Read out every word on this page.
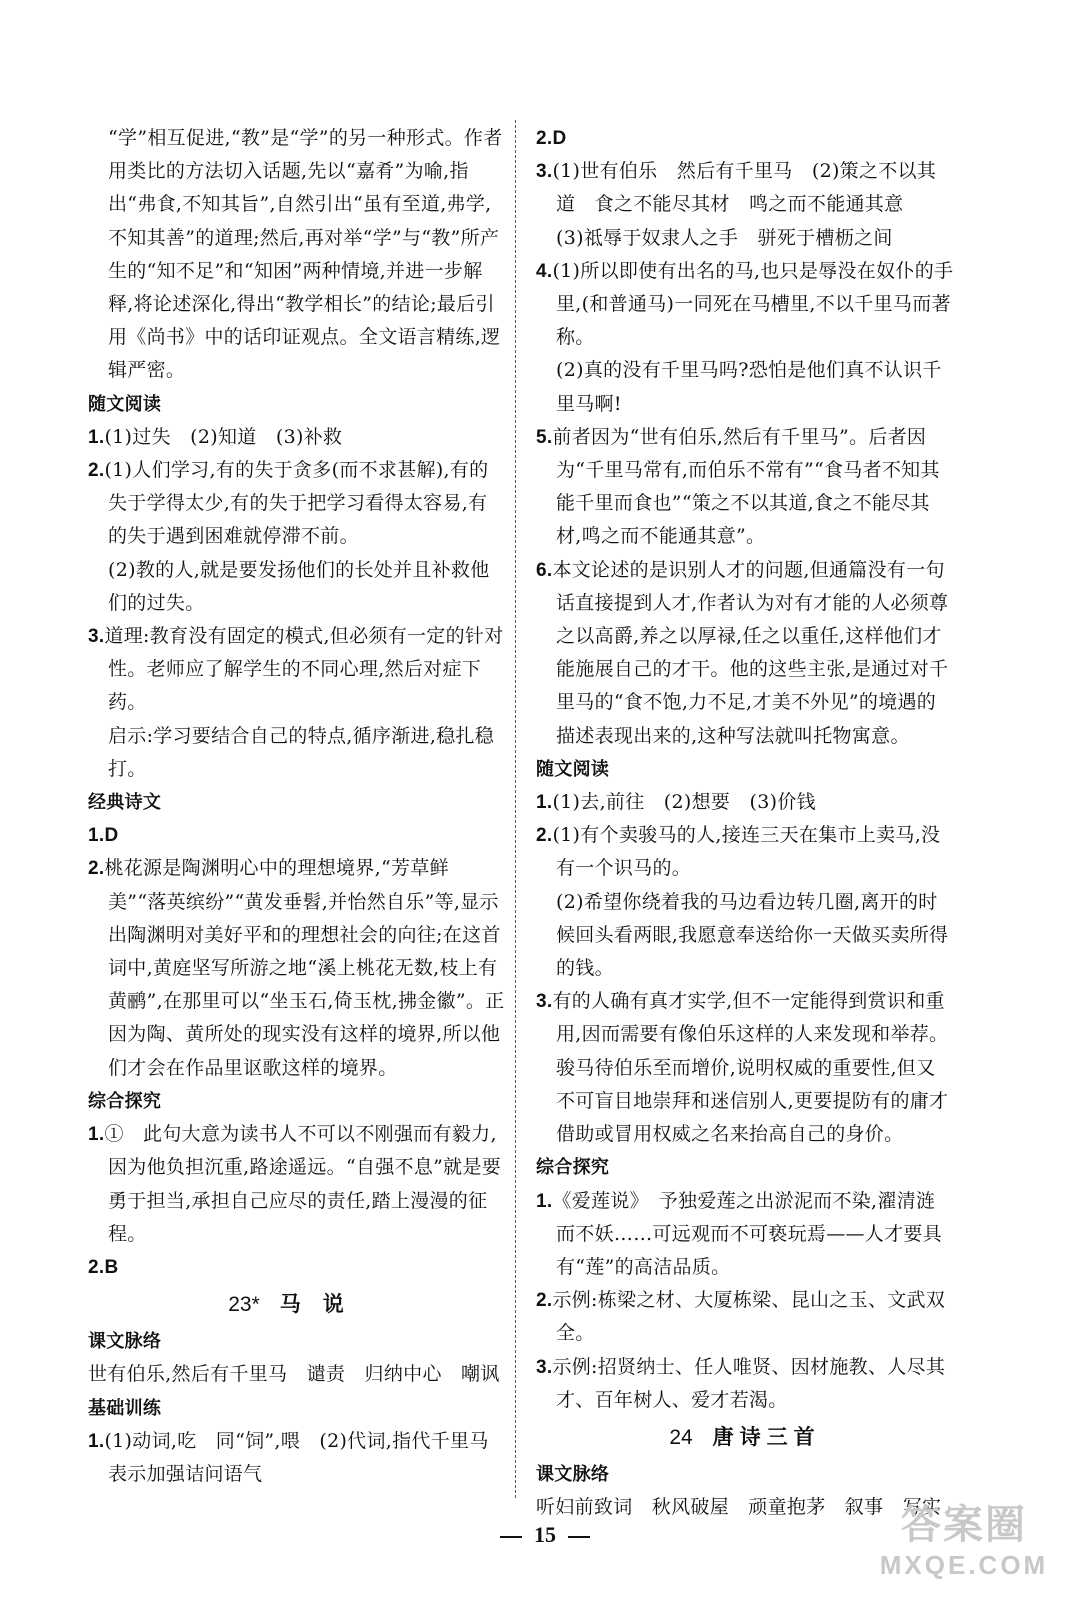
“学”相互促进,“教”是“学”的另一种形式。作者用类比的方法切入话题,先以“嘉肴”为喻,指出“弗食,不知其旨”,自然引出“虽有至道,弗学,不知其善”的道理;然后,再对举“学”与“教”所产生的“知不足”和“知困”两种情境,并进一步解释,将论述深化,得出“教学相长”的结论;最后引用《尚书》中的话印证观点。全文语言精练,逻辑严密。

随文阅读

1.(1)过失　(2)知道　(3)补救

2.(1)人们学习,有的失于贪多(而不求甚解),有的失于学得太少,有的失于把学习看得太容易,有的失于遇到困难就停滞不前。

(2)教的人,就是要发扬他们的长处并且补救他们的过失。

3.道理:教育没有固定的模式,但必须有一定的针对性。老师应了解学生的不同心理,然后对症下药。

启示:学习要结合自己的特点,循序渐进,稳扎稳打。

经典诗文

1.D

2.桃花源是陶渊明心中的理想境界,“芳草鲜美”“落英缤纷”“黄发垂髫,并怡然自乐”等,显示出陶渊明对美好平和的理想社会的向往;在这首词中,黄庭坚写所游之地“溪上桃花无数,枝上有黄鹂”,在那里可以“坐玉石,倚玉枕,拂金徽”。正因为陶、黄所处的现实没有这样的境界,所以他们才会在作品里讴歌这样的境界。

综合探究

1.①　此句大意为读书人不可以不刚强而有毅力,因为他负担沉重,路途遥远。“自强不息”就是要勇于担当,承担自己应尽的责任,踏上漫漫的征程。

2.B

23* 马说

课文脉络

世有伯乐,然后有千里马　谴责　归纳中心　嘲讽

基础训练

1.(1)动词,吃　同“饲”,喂　(2)代词,指代千里马　表示加强诘问语气

2.D

3.(1)世有伯乐　然后有千里马　(2)策之不以其道　食之不能尽其材　鸣之而不能通其意

(3)祗辱于奴隶人之手　骈死于槽枥之间

4.(1)所以即使有出名的马,也只是辱没在奴仆的手里,(和普通马)一同死在马槽里,不以千里马而著称。

(2)真的没有千里马吗?恐怕是他们真不认识千里马啊!

5.前者因为“世有伯乐,然后有千里马”。后者因为“千里马常有,而伯乐不常有”“食马者不知其能千里而食也”“策之不以其道,食之不能尽其材,鸣之而不能通其意”。

6.本文论述的是识别人才的问题,但通篇没有一句话直接提到人才,作者认为对有才能的人必须尊之以高爵,养之以厚禄,任之以重任,这样他们才能施展自己的才干。他的这些主张,是通过对千里马的“食不饱,力不足,才美不外见”的境遇的描述表现出来的,这种写法就叫托物寓意。

随文阅读

1.(1)去,前往　(2)想要　(3)价钱

2.(1)有个卖骏马的人,接连三天在集市上卖马,没有一个识马的。

(2)希望你绕着我的马边看边转几圈,离开的时候回头看两眼,我愿意奉送给你一天做买卖所得的钱。

3.有的人确有真才实学,但不一定能得到赏识和重用,因而需要有像伯乐这样的人来发现和举荐。骏马待伯乐至而增价,说明权威的重要性,但又不可盲目地崇拜和迷信别人,更要提防有的庸才借助或冒用权威之名来抬高自己的身价。

综合探究

1.《爱莲说》　予独爱莲之出淤泥而不染,濯清涟而不妖……可远观而不可亵玩焉——人才要具有“莲”的高洁品质。

2.示例:栋梁之材、大厦栋梁、昆山之玉、文武双全。

3.示例:招贤纳士、任人唯贤、因材施教、人尽其才、百年树人、爱才若渴。

24 唐诗三首

课文脉络

听妇前致词　秋风破屋　顽童抱茅　叙事　写实

15	答案圈
MXQE.COM
